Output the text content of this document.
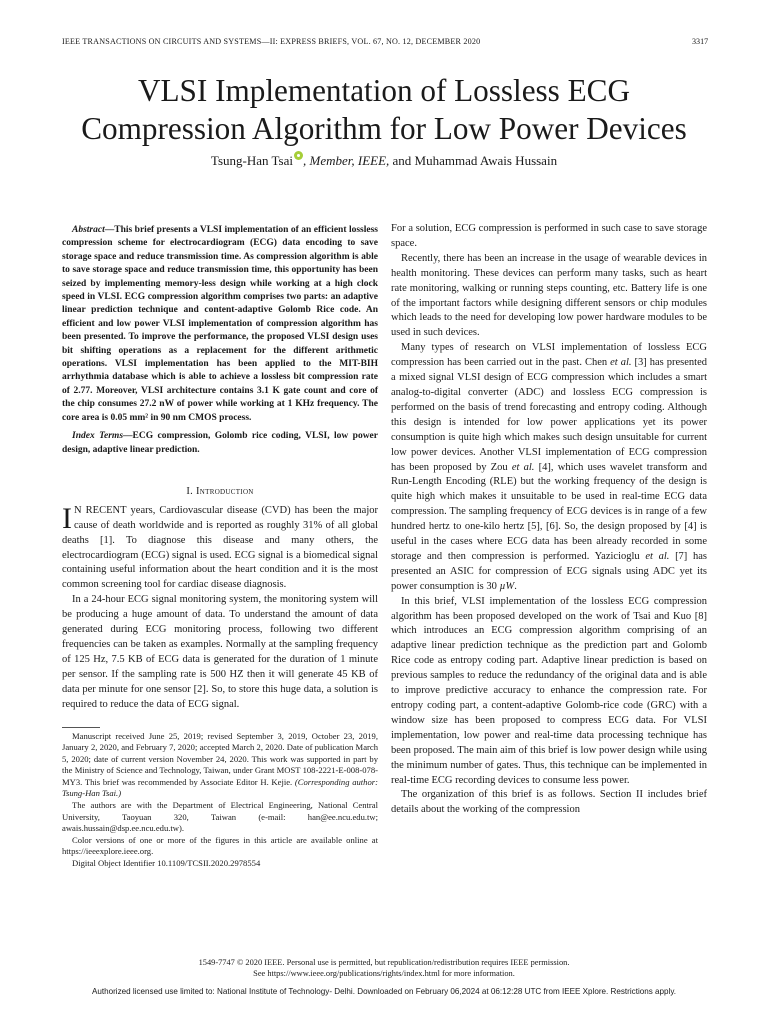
IEEE TRANSACTIONS ON CIRCUITS AND SYSTEMS—II: EXPRESS BRIEFS, VOL. 67, NO. 12, DECEMBER 2020	3317
VLSI Implementation of Lossless ECG
Compression Algorithm for Low Power Devices
Tsung-Han Tsai , Member, IEEE, and Muhammad Awais Hussain

Abstract—This brief presents a VLSI implementation of an efficient lossless compression scheme for electrocardiogram (ECG) data encoding to save storage space and reduce transmission time. As compression algorithm is able to save storage space and reduce transmission time, this opportunity has been seized by implementing memory-less design while working at a high clock speed in VLSI. ECG compression algorithm comprises two parts: an adaptive linear prediction technique and content-adaptive Golomb Rice code. An efficient and low power VLSI implementation of compression algorithm has been presented. To improve the performance, the proposed VLSI design uses bit shifting operations as a replacement for the different arithmetic operations. VLSI implementation has been applied to the MIT-BIH arrhythmia database which is able to achieve a lossless bit compression rate of 2.77. Moreover, VLSI architecture contains 3.1 K gate count and core of the chip consumes 27.2 nW of power while working at 1 KHz frequency. The core area is 0.05 mm² in 90 nm CMOS process.

Index Terms—ECG compression, Golomb rice coding, VLSI, low power design, adaptive linear prediction.

I. Introduction

I N RECENT years, Cardiovascular disease (CVD) has been the major cause of death worldwide and is reported as roughly 31% of all global deaths [1]. To diagnose this disease and many others, the electrocardiogram (ECG) signal is used. ECG signal is a biomedical signal containing useful information about the heart condition and it is the most common screening tool for cardiac disease diagnosis.

In a 24-hour ECG signal monitoring system, the monitoring system will be producing a huge amount of data. To understand the amount of data generated during ECG monitoring process, following two different frequencies can be taken as examples. Normally at the sampling frequency of 125 Hz, 7.5 KB of ECG data is generated for the duration of 1 minute per sensor. If the sampling rate is 500 HZ then it will generate 45 KB of data per minute for one sensor [2]. So, to store this huge data, a solution is required to reduce the data of ECG signal.

Manuscript received June 25, 2019; revised September 3, 2019, October 23, 2019, January 2, 2020, and February 7, 2020; accepted March 2, 2020. Date of publication March 5, 2020; date of current version November 24, 2020. This work was supported in part by the Ministry of Science and Technology, Taiwan, under Grant MOST 108-2221-E-008-078-MY3. This brief was recommended by Associate Editor H. Kejie. (Corresponding author: Tsung-Han Tsai.)

The authors are with the Department of Electrical Engineering, National Central University, Taoyuan 320, Taiwan (e-mail: han@ee.ncu.edu.tw; awais.hussain@dsp.ee.ncu.edu.tw).

Color versions of one or more of the figures in this article are available online at https://ieeexplore.ieee.org.

Digital Object Identifier 10.1109/TCSII.2020.2978554

For a solution, ECG compression is performed in such case to save storage space.

Recently, there has been an increase in the usage of wearable devices in health monitoring. These devices can perform many tasks, such as heart rate monitoring, walking or running steps counting, etc. Battery life is one of the important factors while designing different sensors or chip modules which leads to the need for developing low power hardware modules to be used in such devices.

Many types of research on VLSI implementation of lossless ECG compression has been carried out in the past. Chen et al. [3] has presented a mixed signal VLSI design of ECG compression which includes a smart analog-to-digital converter (ADC) and lossless ECG compression is performed on the basis of trend forecasting and entropy coding. Although this design is intended for low power applications yet its power consumption is quite high which makes such design unsuitable for current low power devices. Another VLSI implementation of ECG compression has been proposed by Zou et al. [4], which uses wavelet transform and Run-Length Encoding (RLE) but the working frequency of the design is quite high which makes it unsuitable to be used in real-time ECG data compression. The sampling frequency of ECG devices is in range of a few hundred hertz to one-kilo hertz [5], [6]. So, the design proposed by [4] is useful in the cases where ECG data has been already recorded in some storage and then compression is performed. Yazicioglu et al. [7] has presented an ASIC for compression of ECG signals using ADC yet its power consumption is 30 µW.

In this brief, VLSI implementation of the lossless ECG compression algorithm has been proposed developed on the work of Tsai and Kuo [8] which introduces an ECG compression algorithm comprising of an adaptive linear prediction technique as the prediction part and Golomb Rice code as entropy coding part. Adaptive linear prediction is based on previous samples to reduce the redundancy of the original data and is able to improve predictive accuracy to enhance the compression rate. For entropy coding part, a content-adaptive Golomb-rice code (GRC) with a window size has been proposed to compress ECG data. For VLSI implementation, low power and real-time data processing technique has been proposed. The main aim of this brief is low power design while using the minimum number of gates. Thus, this technique can be implemented in real-time ECG recording devices to consume less power.

The organization of this brief is as follows. Section II includes brief details about the working of the compression

1549-7747 © 2020 IEEE. Personal use is permitted, but republication/redistribution requires IEEE permission.
See https://www.ieee.org/publications/rights/index.html for more information.
Authorized licensed use limited to: National Institute of Technology- Delhi. Downloaded on February 06,2024 at 06:12:28 UTC from IEEE Xplore. Restrictions apply.
